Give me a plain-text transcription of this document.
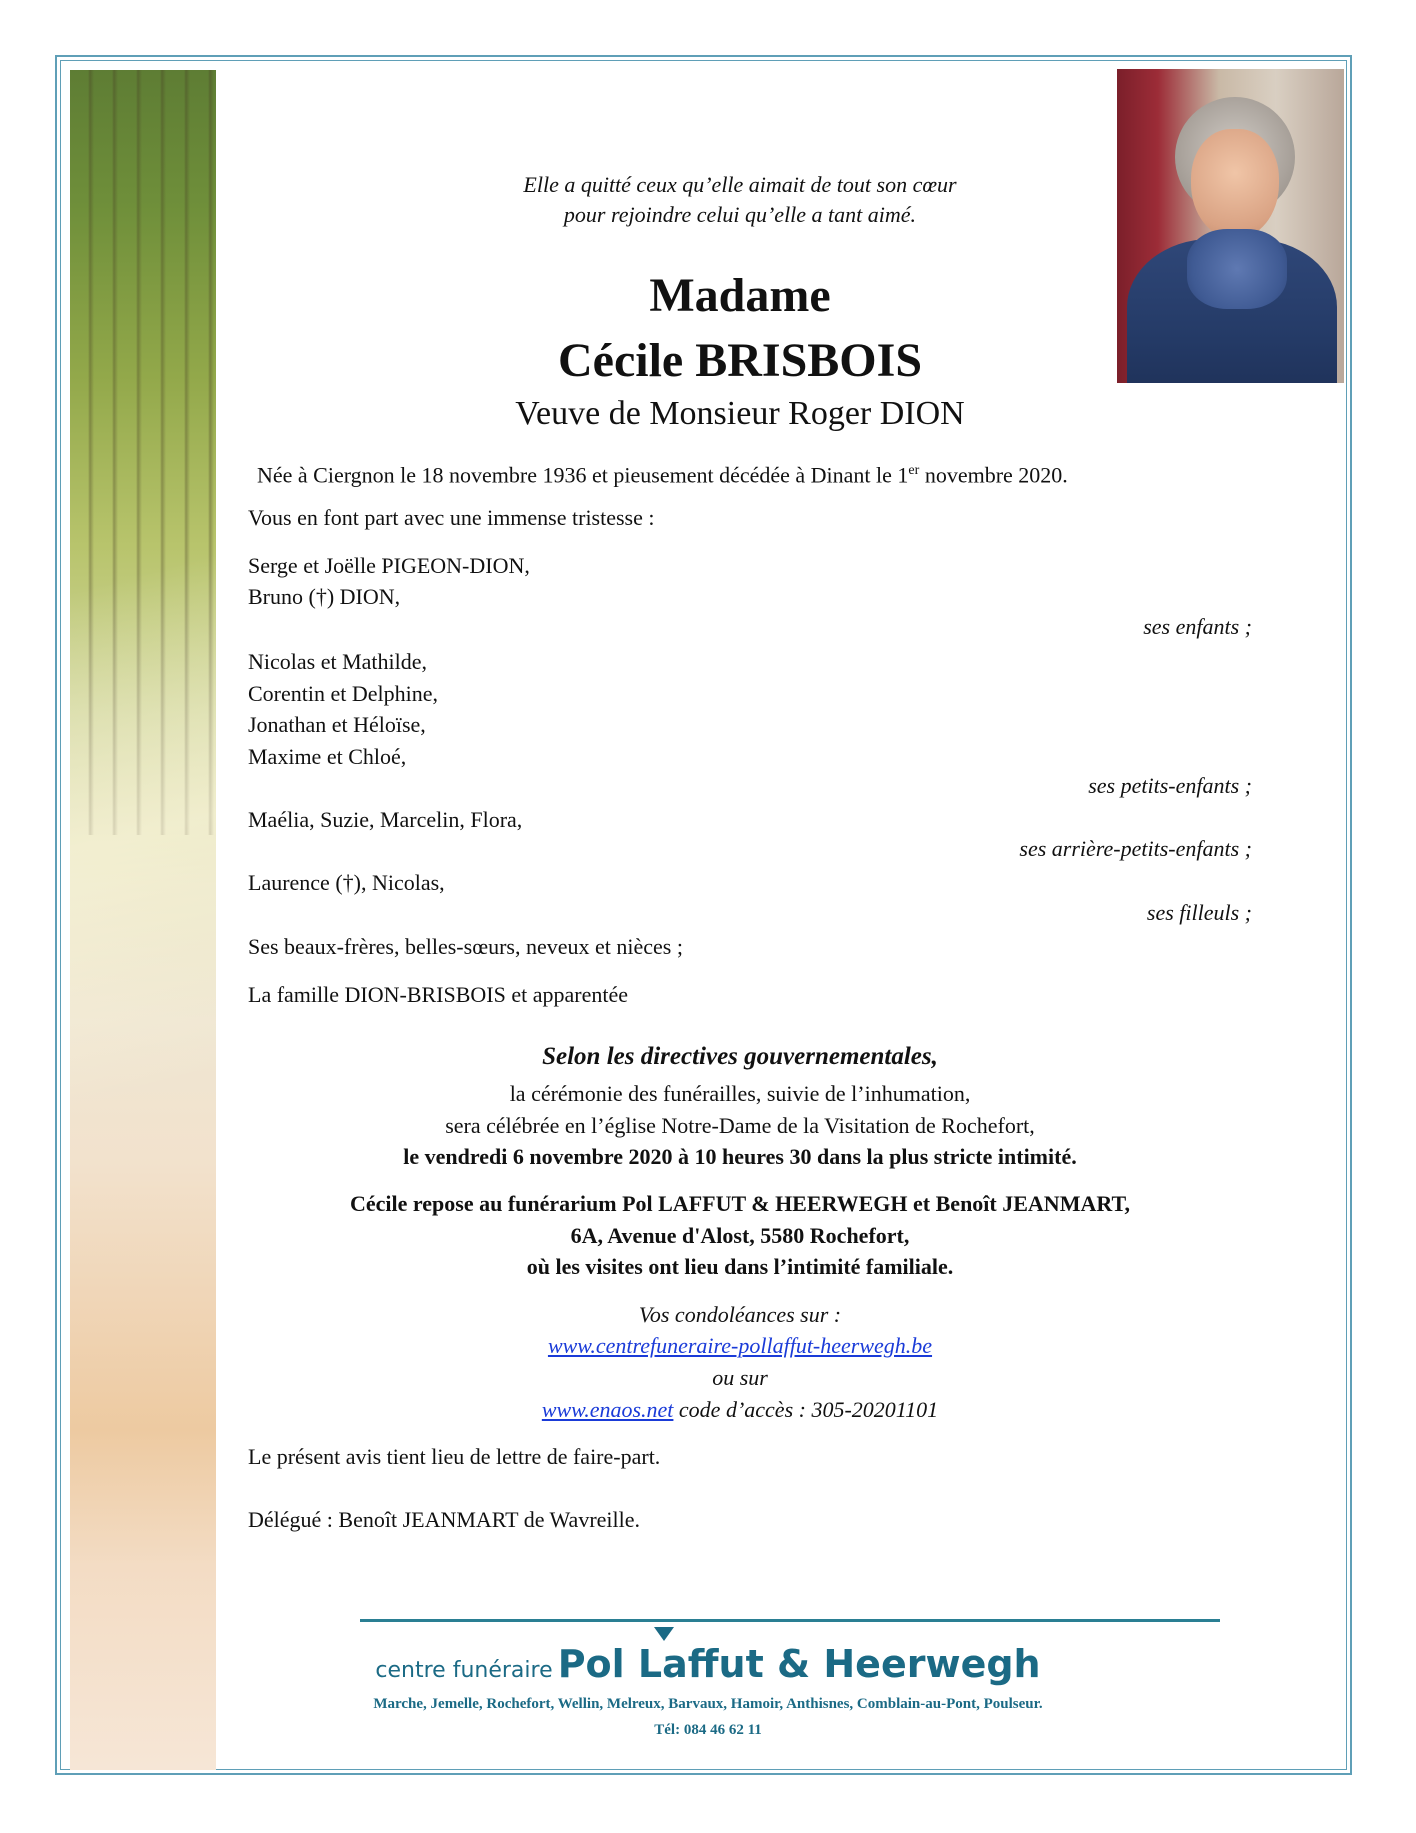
Elle a quitté ceux qu’elle aimait de tout son cœur
pour rejoindre celui qu’elle a tant aimé.
Madame
Cécile BRISBOIS
Veuve de Monsieur Roger DION
Née à Ciergnon le 18 novembre 1936 et pieusement décédée à Dinant le 1er novembre 2020.
Vous en font part avec une immense tristesse :
Serge et Joëlle PIGEON-DION,
Bruno (†) DION,
ses enfants ;
Nicolas et Mathilde,
Corentin et Delphine,
Jonathan et Héloïse,
Maxime et Chloé,
ses petits-enfants ;
Maélia, Suzie, Marcelin, Flora,
ses arrière-petits-enfants ;
Laurence (†), Nicolas,
ses filleuls ;
Ses beaux-frères, belles-sœurs, neveux et nièces ;
La famille DION-BRISBOIS et apparentée
Selon les directives gouvernementales,
la cérémonie des funérailles, suivie de l’inhumation,
sera célébrée en l’église Notre-Dame de la Visitation de Rochefort,
le vendredi 6 novembre 2020 à 10 heures 30 dans la plus stricte intimité.
Cécile repose au funérarium Pol LAFFUT & HEERWEGH et Benoît JEANMART,
6A, Avenue d'Alost, 5580 Rochefort,
où les visites ont lieu dans l’intimité familiale.
Vos condoléances sur :
www.centrefuneraire-pollaffut-heerwegh.be
ou sur
www.enaos.net code d’accès : 305-20201101
Le présent avis tient lieu de lettre de faire-part.
Délégué : Benoît JEANMART de Wavreille.
centre funéraire Pol Laffut & Heerwegh
Marche, Jemelle, Rochefort, Wellin, Melreux, Barvaux, Hamoir, Anthisnes, Comblain-au-Pont, Poulseur.
Tél: 084 46 62 11
